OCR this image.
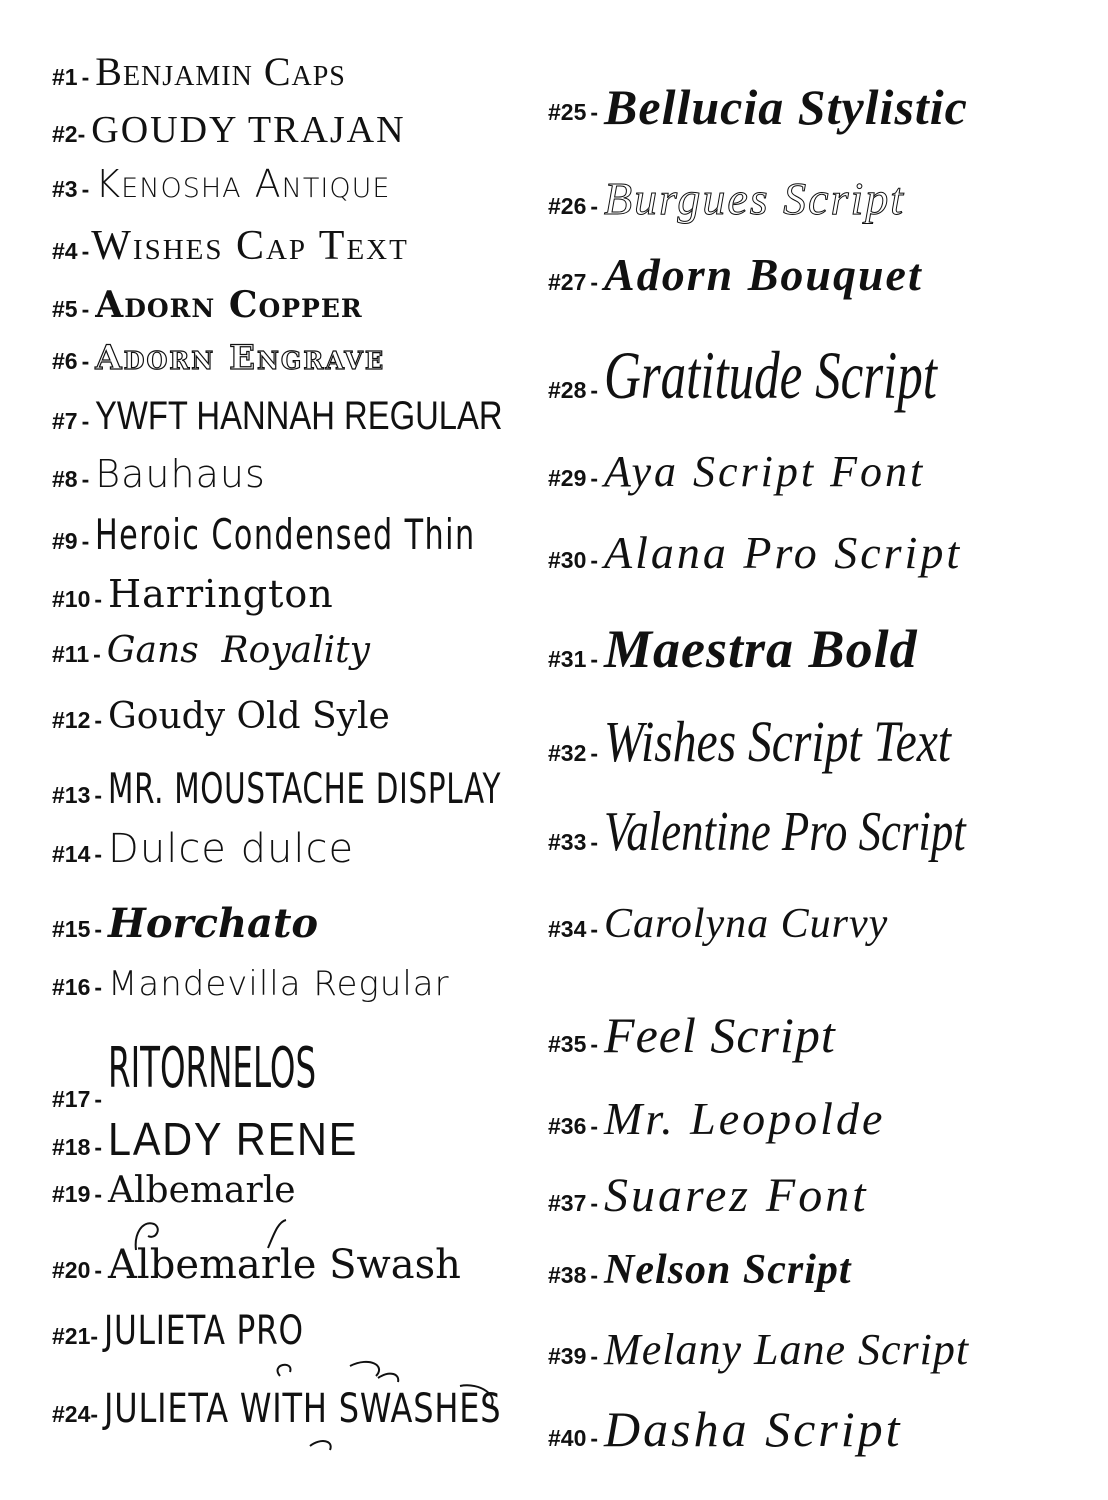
#1 - Benjamin Caps
#2 - GOUDY TRAJAN
#3 - Kenosha Antique
#4 - Wishes Cap Text
#5 - Adorn Copper
#6 - Adorn Engrave
#7 - YWFT HANNAH REGULAR
#8 - Bauhaus
#9 - Heroic Condensed Thin
#10 - Harrington
#11 - Gans  Royality
#12 - Goudy Old Syle
#13 - MR. MOUSTACHE DISPLAY
#14 - Dulce dulce
#15 - Horchato
#16 - Mandevilla Regular
#17 - RITORNELOS
#18 - LADY RENE
#19 - Albemarle
#20 - Albemarle Swash
#21 - JULIETA PRO
#24 - JULIETA WITH SWASHES
#25 - Bellucia Stylistic
#26 - Burgues Script
#27 - Adorn Bouquet
#28 - Gratitude Script
#29 - Aya Script Font
#30 - Alana Pro Script
#31 - Maestra Bold
#32 - Wishes Script Text
#33 - Valentine Pro Script
#34 - Carolyna Curvy
#35 - Feel Script
#36 - Mr. Leopolde
#37 - Suarez Font
#38 - Nelson Script
#39 - Melany Lane Script
#40 - Dasha Script
